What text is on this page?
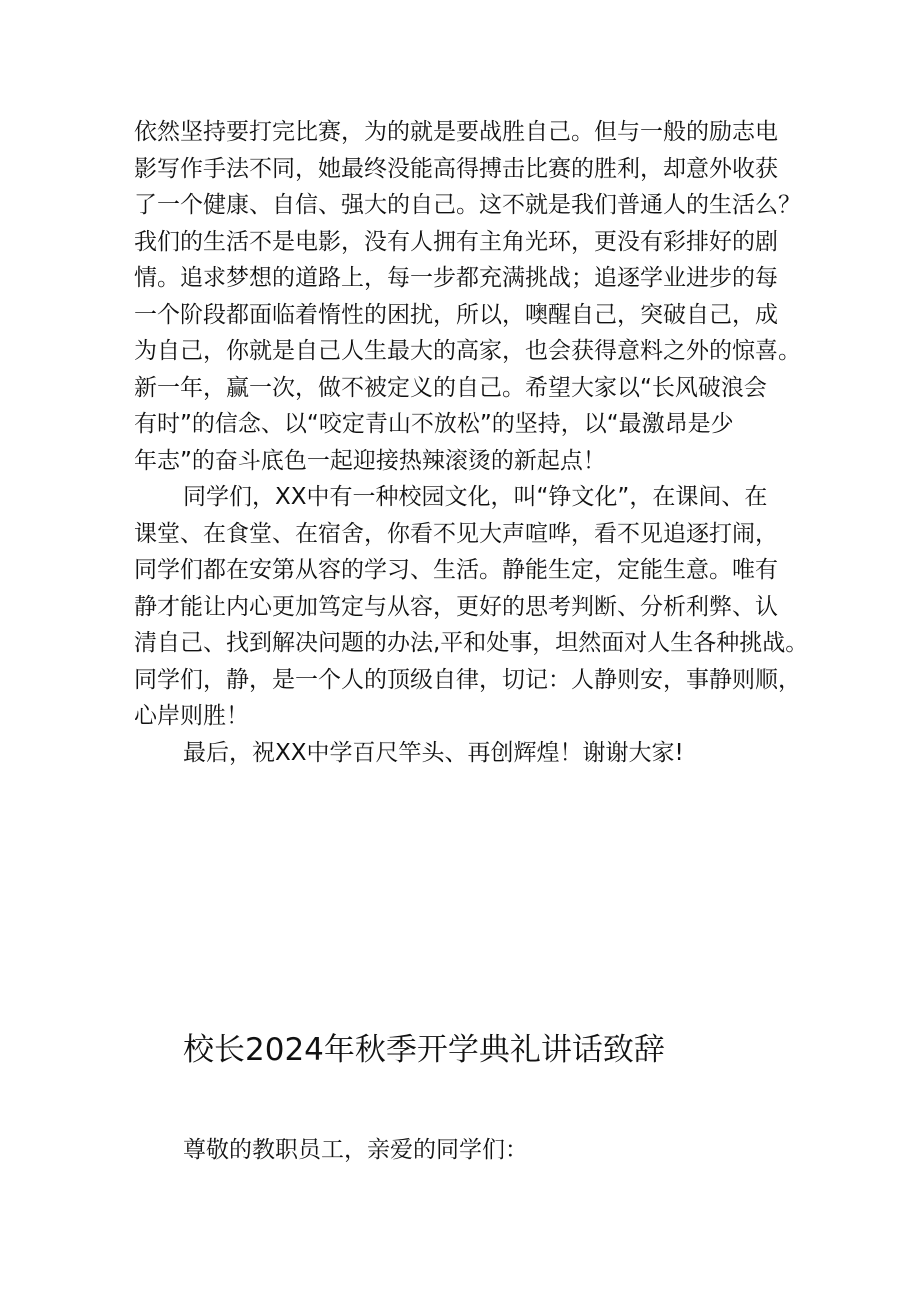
依然坚持要打完比赛，为的就是要战胜自己。但与一般的励志电
影写作手法不同，她最终没能高得搏击比赛的胜利，却意外收获
了一个健康、自信、强大的自己。这不就是我们普通人的生活么？
我们的生活不是电影，没有人拥有主角光环，更没有彩排好的剧
情。追求梦想的道路上，每一步都充满挑战；追逐学业进步的每
一个阶段都面临着惰性的困扰，所以，噢醒自己，突破自己，成
为自己，你就是自己人生最大的高家，也会获得意料之外的惊喜。
新一年，赢一次，做不被定义的自己。希望大家以“长风破浪会
有时”的信念、以“咬定青山不放松”的坚持，以“最激昂是少
年志”的奋斗底色一起迎接热辣滚烫的新起点！
同学们，XX中有一种校园文化，叫“铮文化”，在课间、在
课堂、在食堂、在宿舍，你看不见大声喧哗，看不见追逐打闹，
同学们都在安第从容的学习、生活。静能生定，定能生意。唯有
静才能让内心更加笃定与从容，更好的思考判断、分析利弊、认
清自己、找到解决问题的办法,平和处事，坦然面对人生各种挑战。
同学们，静，是一个人的顶级自律，切记：人静则安，事静则顺，
心岸则胜！
最后，祝XX中学百尺竿头、再创辉煌！谢谢大家!
校长2024年秋季开学典礼讲话致辞

尊敬的教职员工，亲爱的同学们：
